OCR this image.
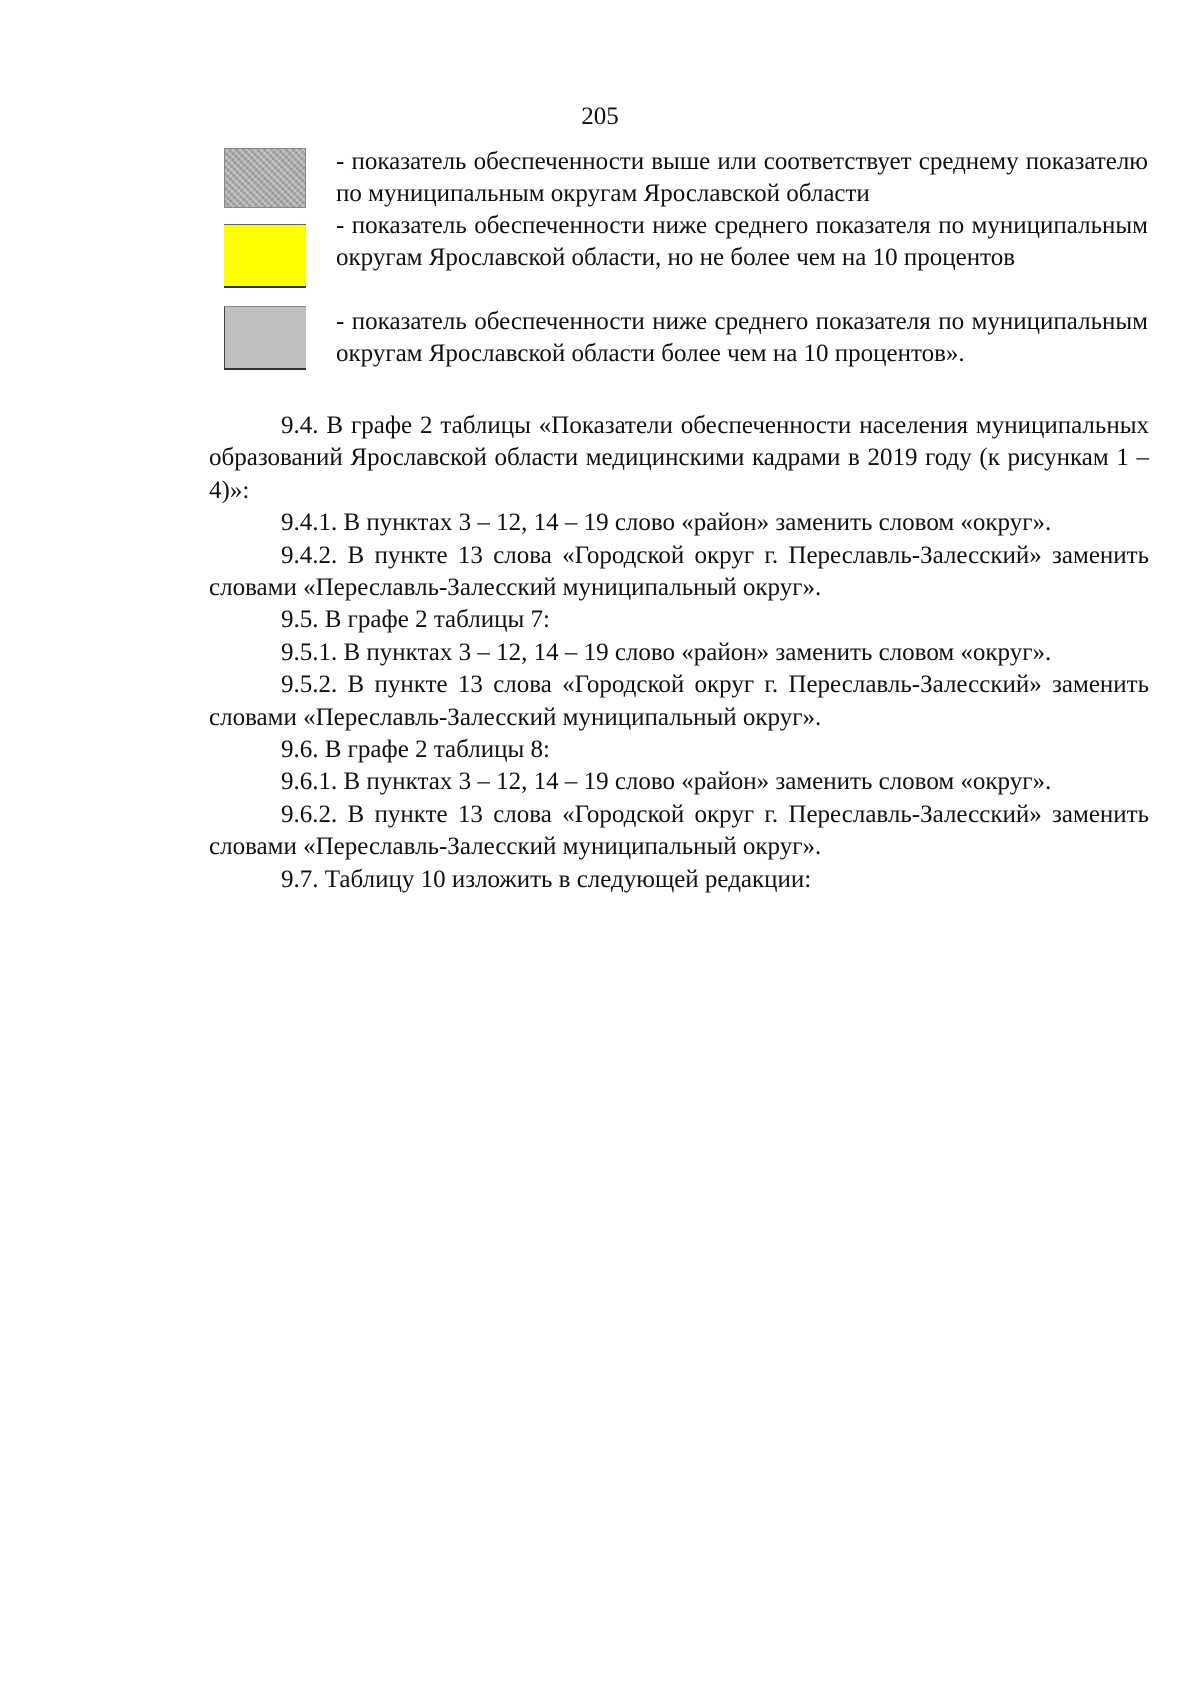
205
- показатель обеспеченности выше или соответствует среднему показателю по муниципальным округам Ярославской области
- показатель обеспеченности ниже среднего показателя по муниципальным округам Ярославской области, но не более чем на 10 процентов
- показатель обеспеченности ниже среднего показателя по муниципальным округам Ярославской области более чем на 10 процентов».

9.4. В графе 2 таблицы «Показатели обеспеченности населения муниципальных образований Ярославской области медицинскими кадрами в 2019 году (к рисункам 1 – 4)»:

9.4.1. В пунктах 3 – 12, 14 – 19 слово «район» заменить словом «округ».

9.4.2. В пункте 13 слова «Городской округ г. Переславль-Залесский» заменить словами «Переславль-Залесский муниципальный округ».

9.5. В графе 2 таблицы 7:

9.5.1. В пунктах 3 – 12, 14 – 19 слово «район» заменить словом «округ».

9.5.2. В пункте 13 слова «Городской округ г. Переславль-Залесский» заменить словами «Переславль-Залесский муниципальный округ».

9.6. В графе 2 таблицы 8:

9.6.1. В пунктах 3 – 12, 14 – 19 слово «район» заменить словом «округ».

9.6.2. В пункте 13 слова «Городской округ г. Переславль-Залесский» заменить словами «Переславль-Залесский муниципальный округ».

9.7. Таблицу 10 изложить в следующей редакции:
